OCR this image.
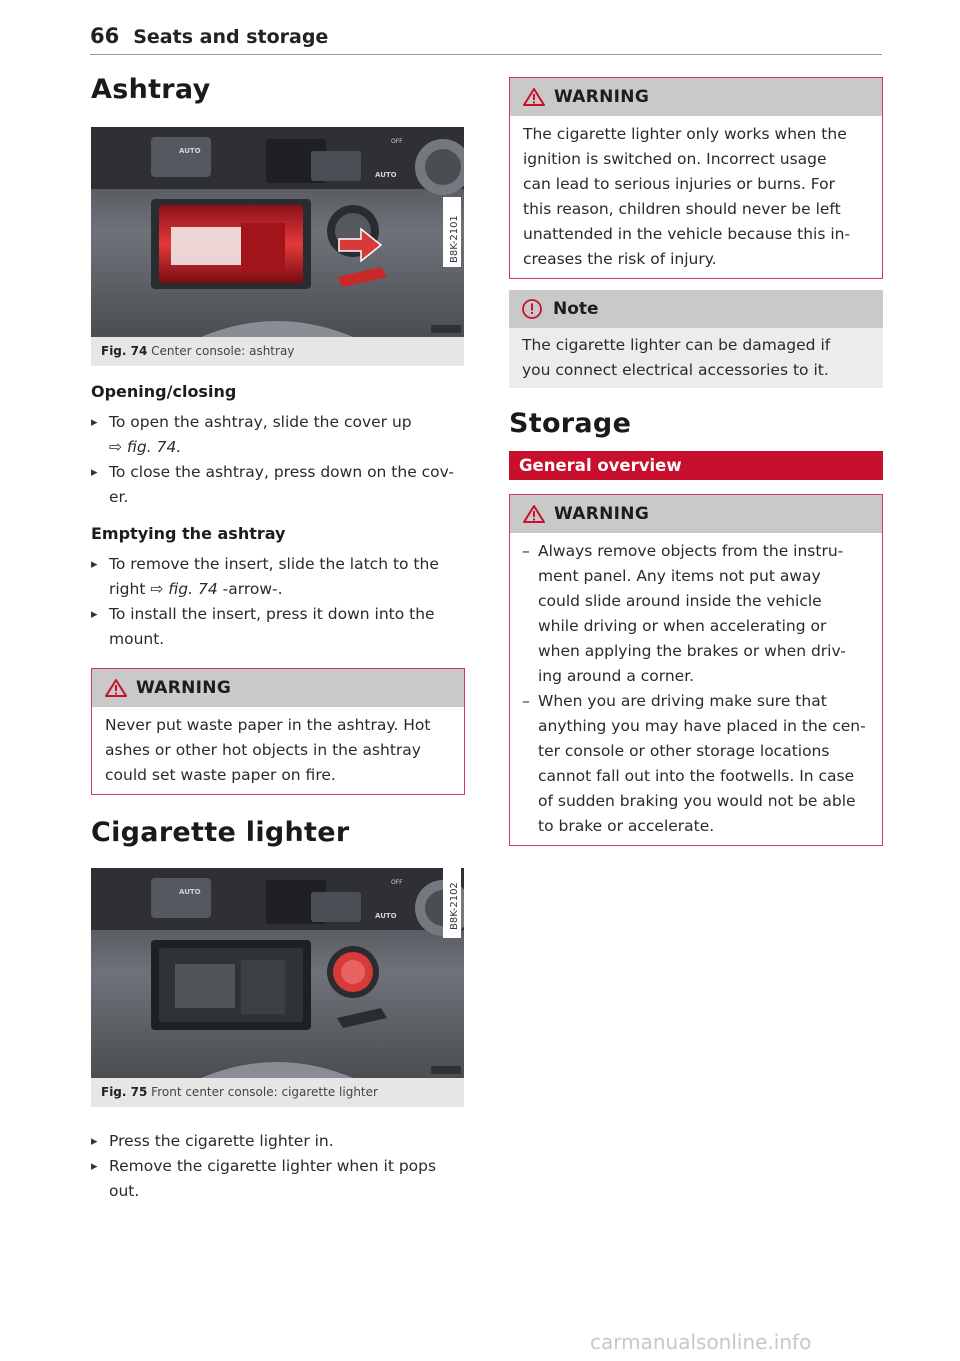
66 Seats and storage
Ashtray
AUTO
OFF
AUTO
B8K-2101
Fig. 74 Center console: ashtray
Opening/closing
▸ To open the ashtray, slide the cover up
⇨ fig. 74.
▸ To close the ashtray, press down on the cov-
er.
Emptying the ashtray
▸ To remove the insert, slide the latch to the
right ⇨ fig. 74 -arrow-.
▸ To install the insert, press it down into the
mount.
WARNING
Never put waste paper in the ashtray. Hot
ashes or other hot objects in the ashtray
could set waste paper on fire.
Cigarette lighter
AUTO
OFF
AUTO	B8K-2102
Fig. 75 Front center console: cigarette lighter
▸ Press the cigarette lighter in.
▸ Remove the cigarette lighter when it pops
out.
WARNING
The cigarette lighter only works when the
ignition is switched on. Incorrect usage
can lead to serious injuries or burns. For
this reason, children should never be left
unattended in the vehicle because this in-
creases the risk of injury.
Note
The cigarette lighter can be damaged if
you connect electrical accessories to it.
Storage
General overview
WARNING
– Always remove objects from the instru-
ment panel. Any items not put away
could slide around inside the vehicle
while driving or when accelerating or
when applying the brakes or when driv-
ing around a corner.
– When you are driving make sure that
anything you may have placed in the cen-
ter console or other storage locations
cannot fall out into the footwells. In case
of sudden braking you would not be able
to brake or accelerate.
carmanualsonline.info
